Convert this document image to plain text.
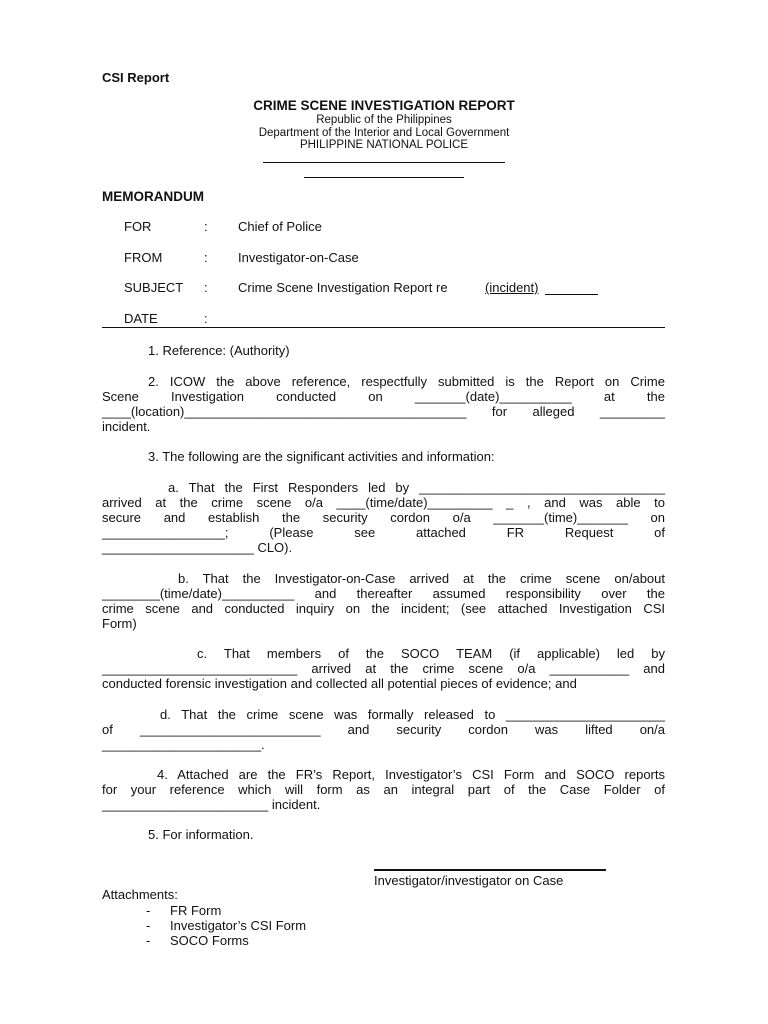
CSI Report
CRIME SCENE INVESTIGATION REPORT
Republic of the Philippines
Department of the Interior and Local Government
PHILIPPINE NATIONAL POLICE
MEMORANDUM
FOR	: Chief of Police
FROM	: Investigator-on-Case
SUBJECT : Crime Scene Investigation Report re	(incident)
DATE	:
1. Reference: (Authority)
2. ICOW the above reference, respectfully submitted is the Report on Crime
Scene Investigation conducted on _______(date)__________ at the
____(location)_______________________________________ for alleged _________
incident.
3. The following are the significant activities and information:
a. That the First Responders led by __________________________________
arrived at the crime scene o/a ____(time/date)_________ _ , and was able to
secure and establish the security cordon o/a _______(time)_______ on
_________________; (Please see attached FR Request of
_____________________ CLO).
b. That the Investigator-on-Case arrived at the crime scene on/about
________(time/date)__________ and thereafter assumed responsibility over the
crime scene and conducted inquiry on the incident; (see attached Investigation CSI
Form)
c. That members of the SOCO TEAM (if applicable) led by
___________________________ arrived at the crime scene o/a ___________ and
conducted forensic investigation and collected all potential pieces of evidence; and
d. That the crime scene was formally released to ______________________
of _________________________ and security cordon was lifted on/a
______________________.
4. Attached are the FR’s Report, Investigator’s CSI Form and SOCO reports
for your reference which will form as an integral part of the Case Folder of
_______________________ incident.
5. For information.
Investigator/investigator on Case
Attachments:
- FR Form
- Investigator’s CSI Form
- SOCO Forms
